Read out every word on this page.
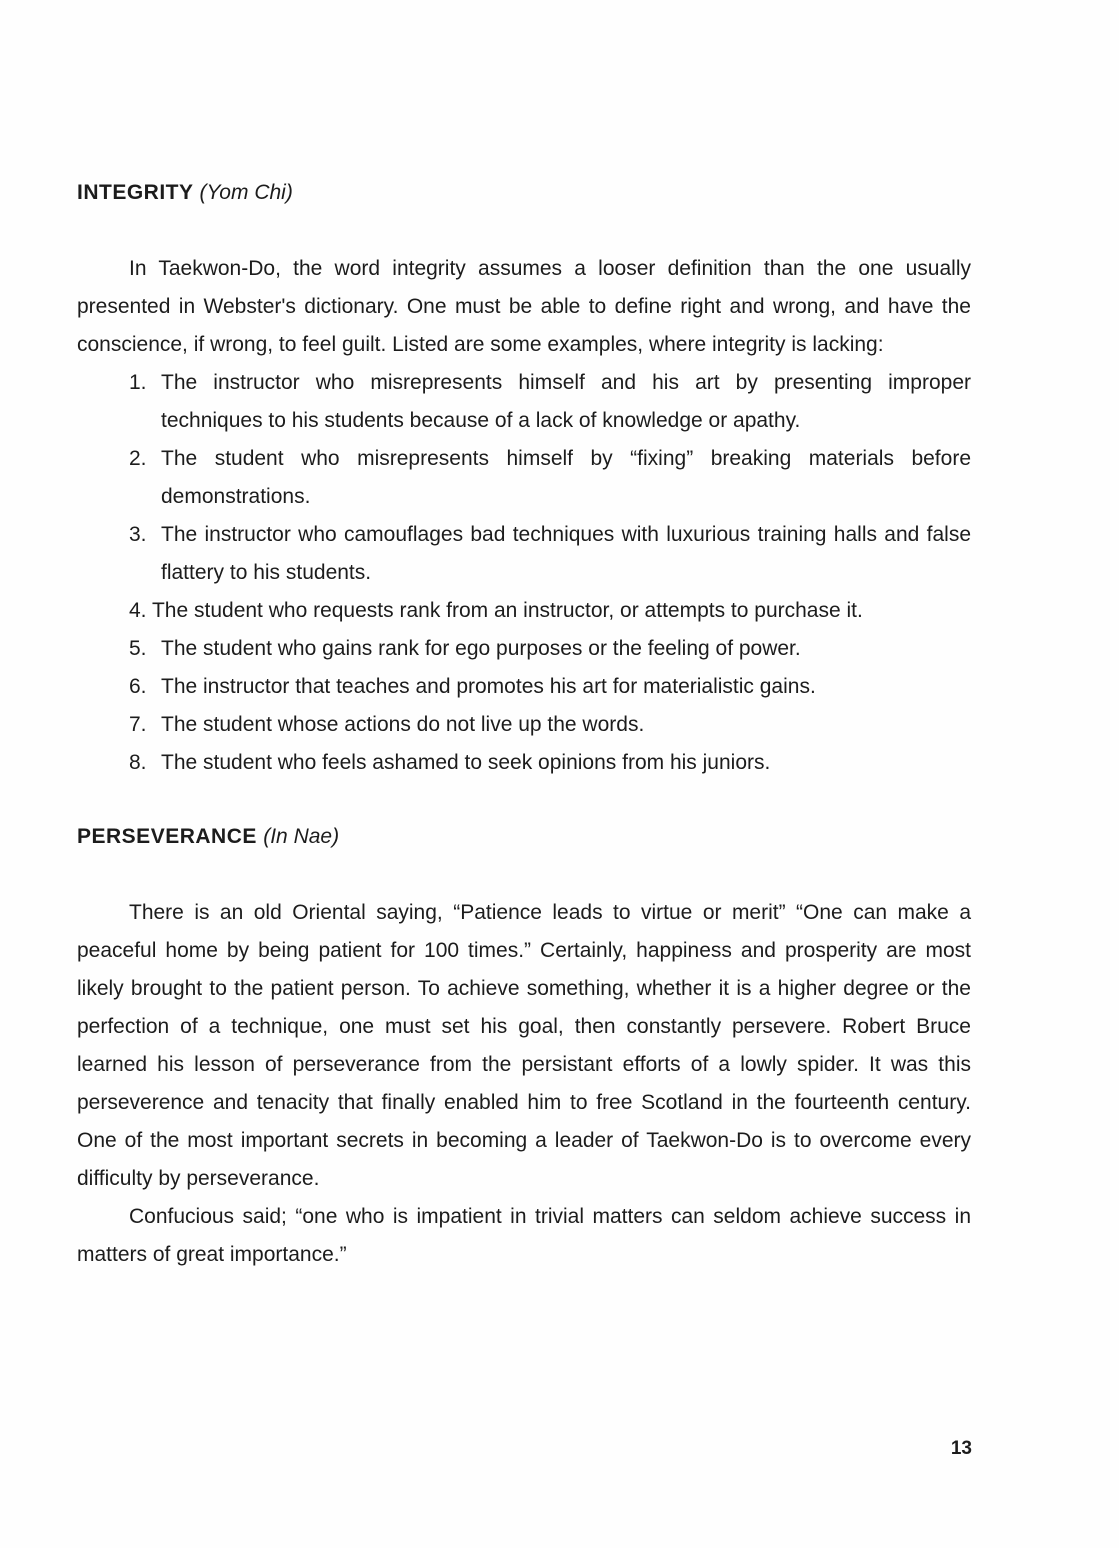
INTEGRITY (Yom Chi)

In Taekwon-Do, the word integrity assumes a looser definition than the one usually presented in Webster's dictionary. One must be able to define right and wrong, and have the conscience, if wrong, to feel guilt. Listed are some examples, where integrity is lacking:

1. The instructor who misrepresents himself and his art by presenting improper techniques to his students because of a lack of knowledge or apathy.
2. The student who misrepresents himself by “fixing” breaking materials before demonstrations.
3. The instructor who camouflages bad techniques with luxurious training halls and false flattery to his students.
4. The student who requests rank from an instructor, or attempts to purchase it.
5. The student who gains rank for ego purposes or the feeling of power.
6. The instructor that teaches and promotes his art for materialistic gains.
7. The student whose actions do not live up the words.
8. The student who feels ashamed to seek opinions from his juniors.
PERSEVERANCE (In Nae)

There is an old Oriental saying, “Patience leads to virtue or merit” “One can make a peaceful home by being patient for 100 times.” Certainly, happiness and prosperity are most likely brought to the patient person. To achieve something, whether it is a higher degree or the perfection of a technique, one must set his goal, then constantly persevere. Robert Bruce learned his lesson of perseverance from the persistant efforts of a lowly spider. It was this perseverence and tenacity that finally enabled him to free Scotland in the fourteenth century. One of the most important secrets in becoming a leader of Taekwon-Do is to overcome every difficulty by perseverance.

Confucious said; “one who is impatient in trivial matters can seldom achieve success in matters of great importance.”

13
